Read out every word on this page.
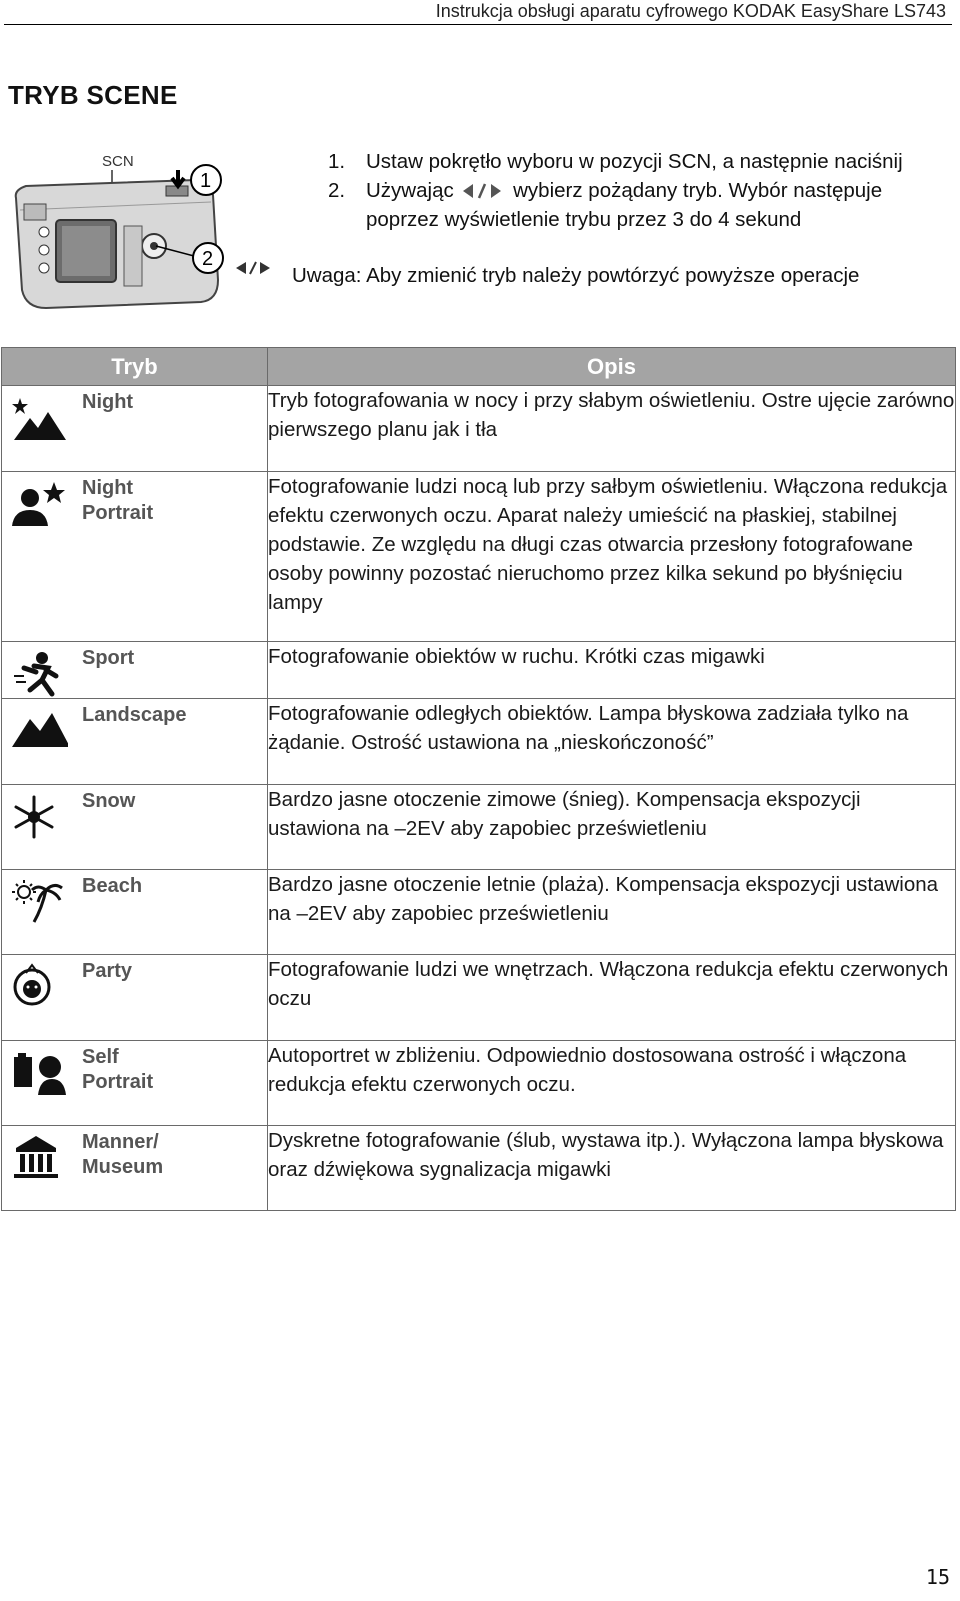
Instrukcja obsługi aparatu cyfrowego KODAK EasyShare LS743
TRYB SCENE
SCN
1
2
1. Ustaw pokrętło wyboru w pozycji SCN, a następnie naciśnij
2. Używając	wybierz pożądany tryb. Wybór następuje poprzez wyświetlenie trybu przez 3 do 4 sekund
Uwaga: Aby zmienić tryb należy powtórzyć powyższe operacje
Tryb	Opis

Night	Tryb fotografowania w nocy i przy słabym oświetleniu. Ostre ujęcie zarówno pierwszego planu jak i tła

Night
Portrait	Fotografowanie ludzi nocą lub przy sałbym oświetleniu. Włączona redukcja efektu czerwonych oczu. Aparat należy umieścić na płaskiej, stabilnej podstawie. Ze względu na długi czas otwarcia przesłony fotografowane osoby powinny pozostać nieruchomo przez kilka sekund po błyśnięciu lampy

Sport	Fotografowanie obiektów w ruchu. Krótki czas migawki

Landscape	Fotografowanie odległych obiektów. Lampa błyskowa zadziała tylko na żądanie. Ostrość ustawiona na „nieskończoność”

Snow	Bardzo jasne otoczenie zimowe (śnieg). Kompensacja ekspozycji ustawiona na –2EV aby zapobiec prześwietleniu

Beach	Bardzo jasne otoczenie letnie (plaża). Kompensacja ekspozycji ustawiona na –2EV aby zapobiec prześwietleniu

Party	Fotografowanie ludzi we wnętrzach. Włączona redukcja efektu czerwonych oczu

Self
Portrait	Autoportret w zbliżeniu. Odpowiednio dostosowana ostrość i włączona redukcja efektu czerwonych oczu.

Manner/
Museum	Dyskretne fotografowanie (ślub, wystawa itp.). Wyłączona lampa błyskowa oraz dźwiękowa sygnalizacja migawki
15
